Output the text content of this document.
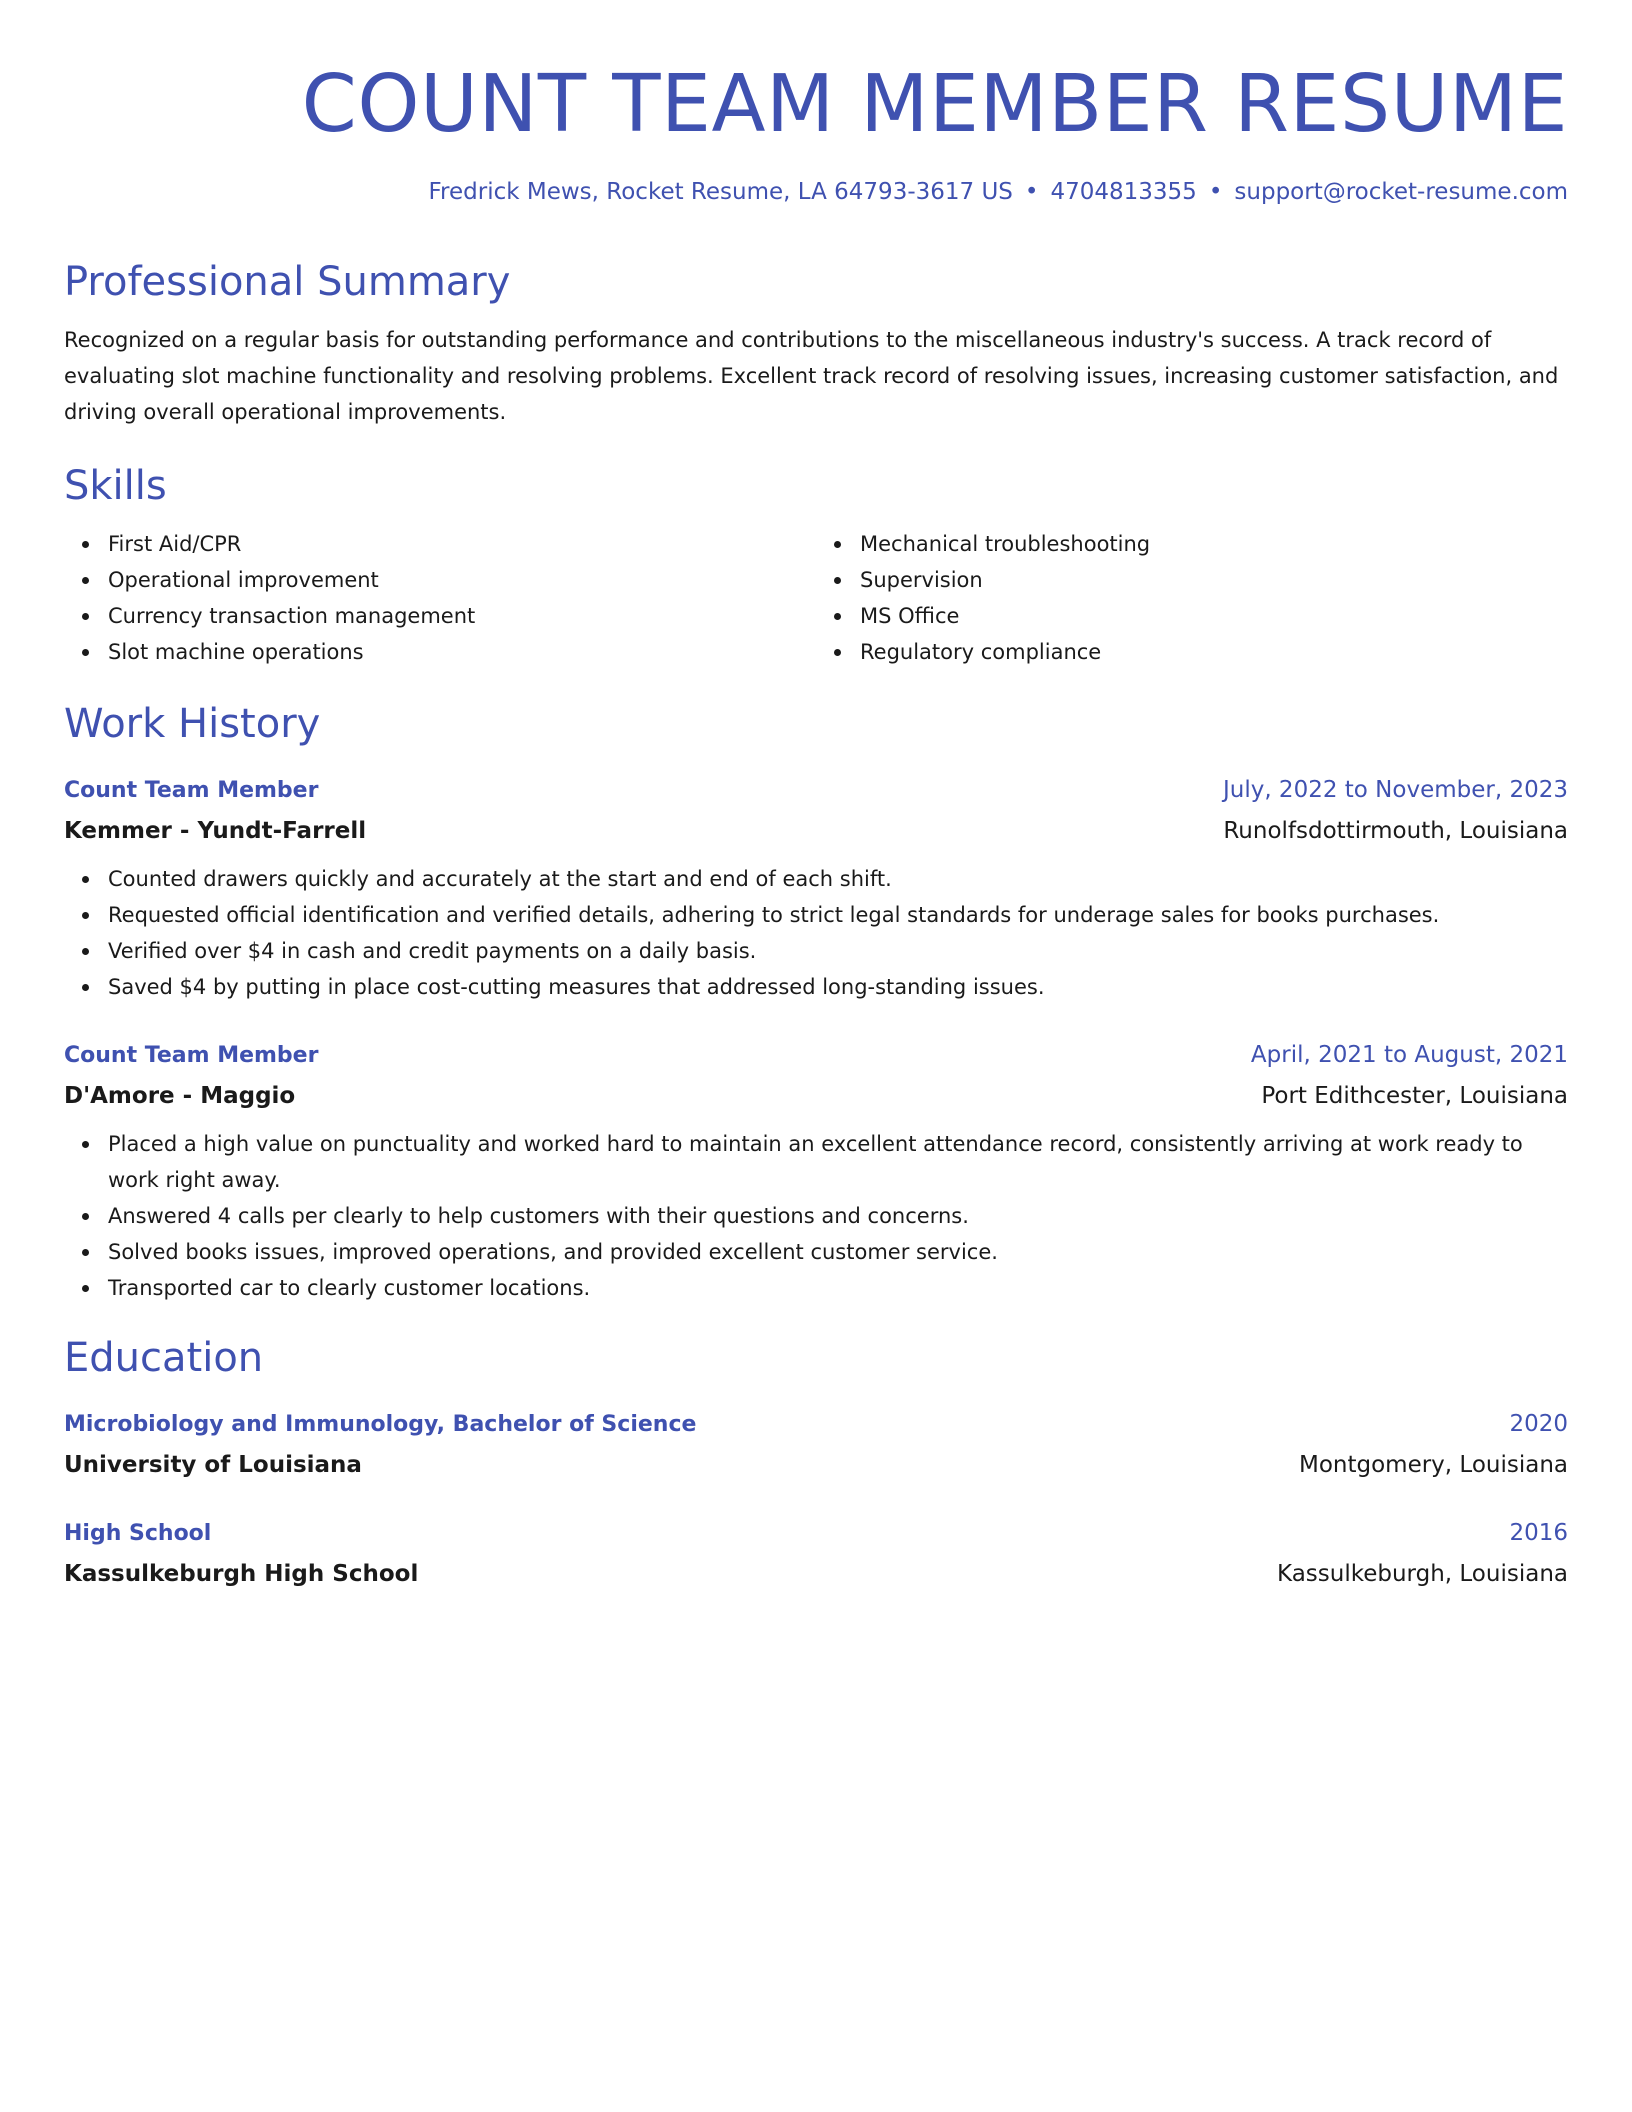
COUNT TEAM MEMBER RESUME
Fredrick Mews, Rocket Resume, LA 64793-3617 US • 4704813355 • support@rocket-resume.com
Professional Summary
Recognized on a regular basis for outstanding performance and contributions to the miscellaneous industry's success. A track record of evaluating slot machine functionality and resolving problems. Excellent track record of resolving issues, increasing customer satisfaction, and driving overall operational improvements.
Skills
First Aid/CPR
Operational improvement
Currency transaction management
Slot machine operations
Mechanical troubleshooting
Supervision
MS Office
Regulatory compliance
Work History
Count Team Member	July, 2022 to November, 2023
Kemmer - Yundt-Farrell	Runolfsdottirmouth, Louisiana
Counted drawers quickly and accurately at the start and end of each shift.
Requested official identification and verified details, adhering to strict legal standards for underage sales for books purchases.
Verified over $4 in cash and credit payments on a daily basis.
Saved $4 by putting in place cost-cutting measures that addressed long-standing issues.
Count Team Member	April, 2021 to August, 2021
D'Amore - Maggio	Port Edithcester, Louisiana
Placed a high value on punctuality and worked hard to maintain an excellent attendance record, consistently arriving at work ready to work right away.
Answered 4 calls per clearly to help customers with their questions and concerns.
Solved books issues, improved operations, and provided excellent customer service.
Transported car to clearly customer locations.
Education
Microbiology and Immunology, Bachelor of Science	2020
University of Louisiana	Montgomery, Louisiana
High School	2016
Kassulkeburgh High School	Kassulkeburgh, Louisiana
